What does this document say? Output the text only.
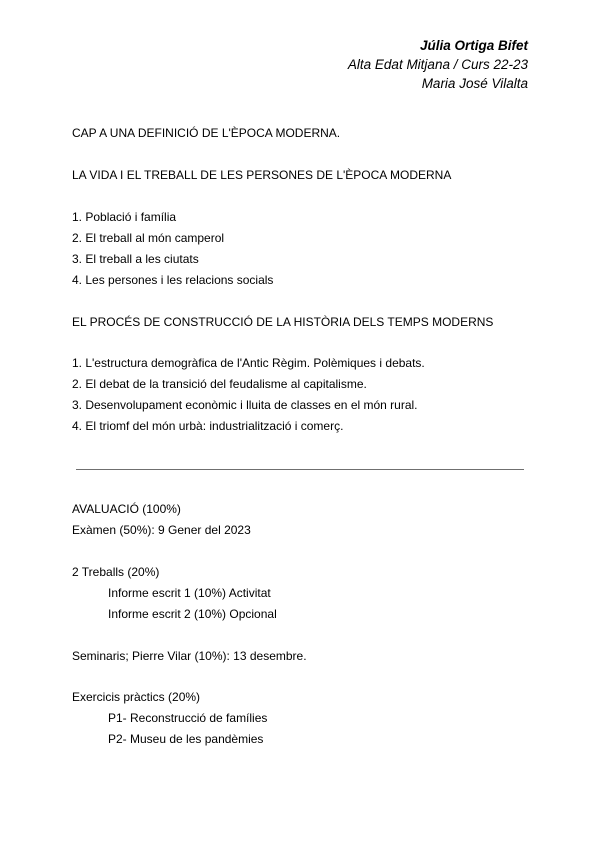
Júlia Ortiga Bifet
Alta Edat Mitjana / Curs 22-23
Maria José Vilalta
CAP A UNA DEFINICIÓ DE L'ÈPOCA MODERNA.
LA VIDA I EL TREBALL DE LES PERSONES DE L'ÈPOCA MODERNA
1. Població i família
2. El treball al món camperol
3. El treball a les ciutats
4. Les persones i les relacions socials
EL PROCÉS DE CONSTRUCCIÓ DE LA HISTÒRIA DELS TEMPS MODERNS
1. L'estructura demogràfica de l'Antic Règim. Polèmiques i debats.
2. El debat de la transició del feudalisme al capitalisme.
3. Desenvolupament econòmic i lluita de classes en el món rural.
4. El triomf del món urbà: industrialització i comerç.
AVALUACIÓ (100%)
Exàmen (50%): 9 Gener del 2023
2 Treballs (20%)
Informe escrit 1 (10%) Activitat
Informe escrit 2 (10%) Opcional
Seminaris; Pierre Vilar (10%): 13 desembre.
Exercicis pràctics (20%)
P1- Reconstrucció de famílies
P2- Museu de les pandèmies
